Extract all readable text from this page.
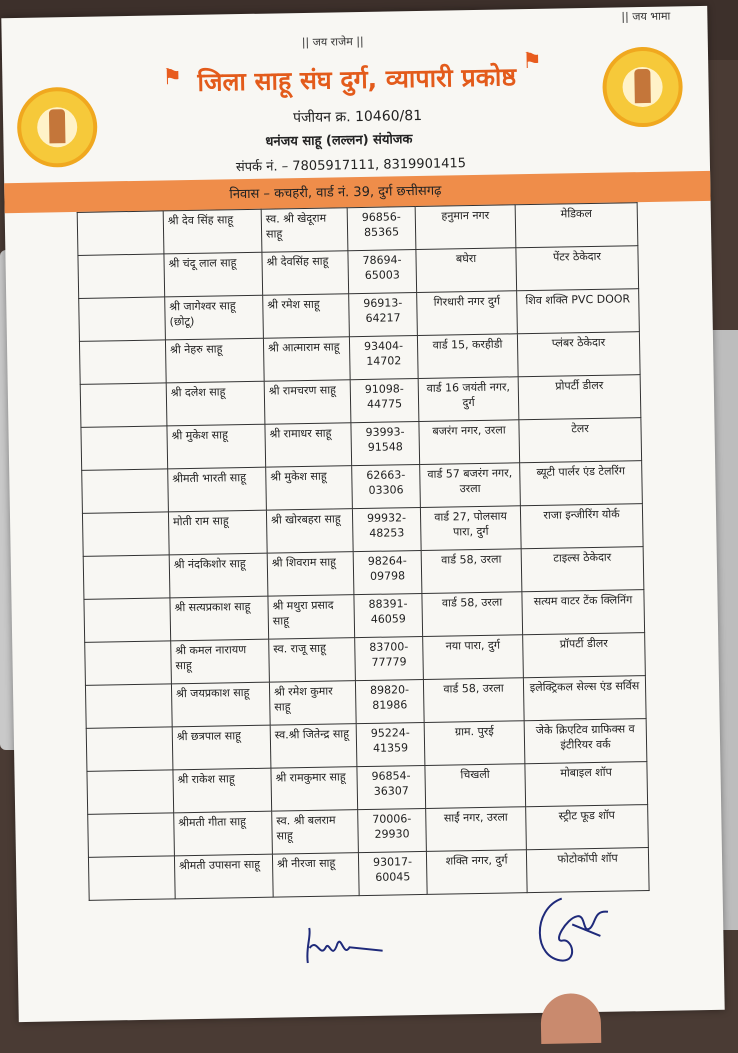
|| जय राजेम ||
|| जय भामा
⚑
⚑
जिला साहू संघ दुर्ग, व्यापारी प्रकोष्ठ
पंजीयन क्र. 10460/81
धनंजय साहू (लल्लन) संयोजक
संपर्क नं. – 7805917111, 8319901415
निवास – कचहरी, वार्ड नं. 39, दुर्ग छत्तीसगढ़
	श्री देव सिंह साहू	स्व. श्री खेदूराम साहू	96856-85365	हनुमान नगर	मेडिकल
	श्री चंदू लाल साहू	श्री देवसिंह साहू	78694-65003	बघेरा	पेंटर ठेकेदार
	श्री जागेश्वर साहू (छोटू)	श्री रमेश साहू	96913-64217	गिरधारी नगर दुर्ग	शिव शक्ति PVC DOOR
	श्री नेहरु साहू	श्री आत्माराम साहू	93404-14702	वार्ड 15, करहीडी	प्लंबर ठेकेदार
	श्री दलेश साहू	श्री रामचरण साहू	91098-44775	वार्ड 16 जयंती नगर, दुर्ग	प्रोपर्टी डीलर
	श्री मुकेश साहू	श्री रामाधर साहू	93993-91548	बजरंग नगर, उरला	टेलर
	श्रीमती भारती साहू	श्री मुकेश साहू	62663-03306	वार्ड 57 बजरंग नगर, उरला	ब्यूटी पार्लर एंड टेलरिंग
	मोती राम साहू	श्री खोरबहरा साहू	99932-48253	वार्ड 27, पोलसाय पारा, दुर्ग	राजा इन्जीरिंग योर्क
	श्री नंदकिशोर साहू	श्री शिवराम साहू	98264-09798	वार्ड 58, उरला	टाइल्स ठेकेदार
	श्री सत्यप्रकाश साहू	श्री मथुरा प्रसाद साहू	88391-46059	वार्ड 58, उरला	सत्यम वाटर टेंक क्लिनिंग
	श्री कमल नारायण साहू	स्व. राजू साहू	83700-77779	नया पारा, दुर्ग	प्रॉपर्टी डीलर
	श्री जयप्रकाश साहू	श्री रमेश कुमार साहू	89820-81986	वार्ड 58, उरला	इलेक्ट्रिकल सेल्स एंड सर्विस
	श्री छत्रपाल साहू	स्व.श्री जितेन्द्र साहू	95224-41359	ग्राम. पुरई	जेके क्रिएटिव ग्राफिक्स व इंटीरियर वर्क
	श्री राकेश साहू	श्री रामकुमार साहू	96854-36307	चिखली	मोबाइल शॉप
	श्रीमती गीता साहू	स्व. श्री बलराम साहू	70006-29930	साईं नगर, उरला	स्ट्रीट फूड शॉप
	श्रीमती उपासना साहू	श्री नीरजा साहू	93017-60045	शक्ति नगर, दुर्ग	फोटोकॉपी शॉप
